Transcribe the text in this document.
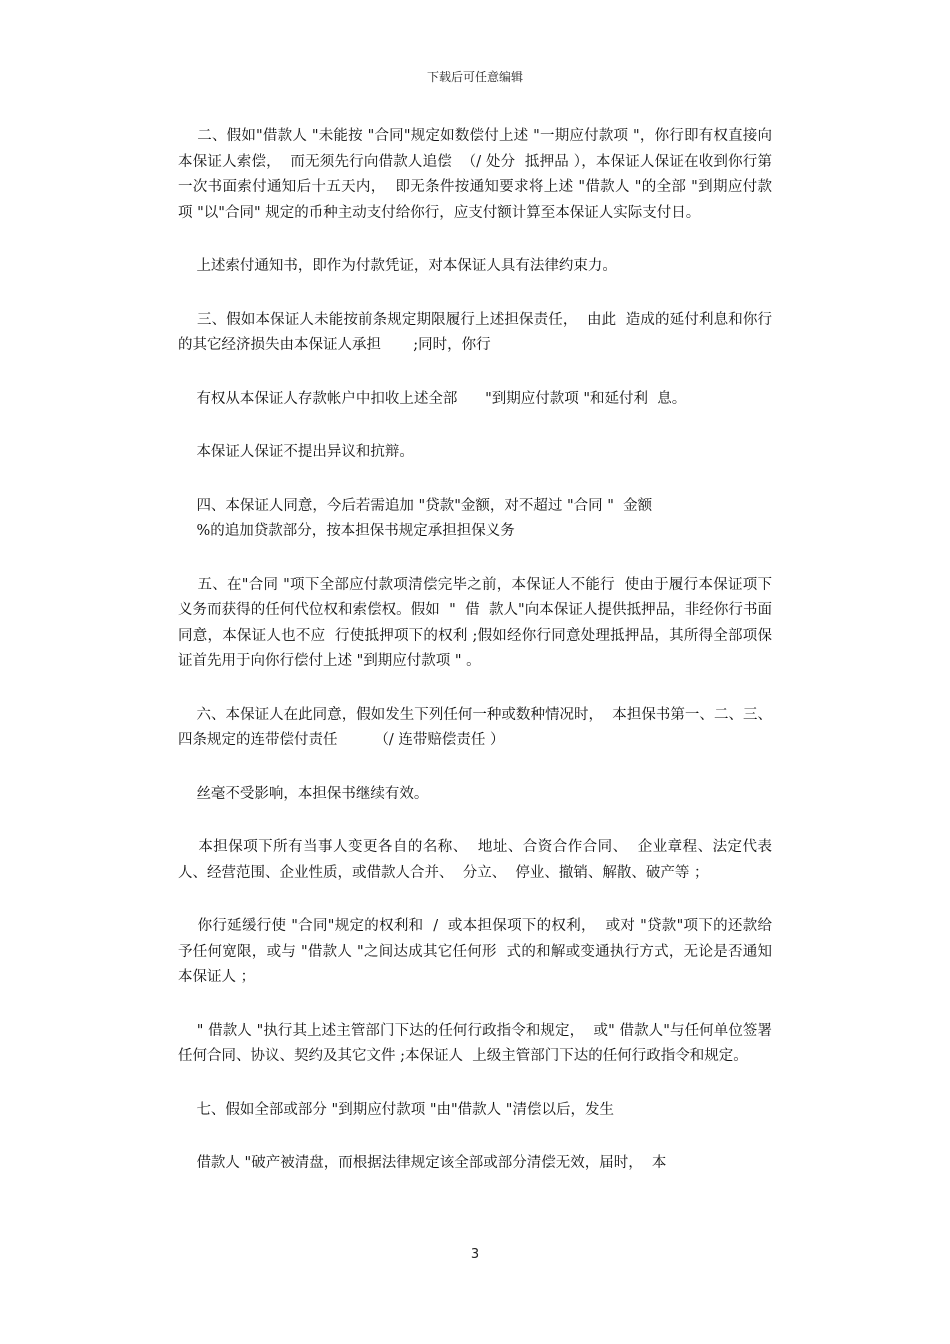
下载后可任意编辑

二、假如"借款人 "未能按 "合同"规定如数偿付上述 "一期应付款项 "，你行即有权直接向本保证人索偿，  而无须先行向借款人追偿  （/ 处分  抵押品 ），本保证人保证在收到你行第一次书面索付通知后十五天内，  即无条件按通知要求将上述 "借款人 "的全部 "到期应付款项 "以"合同" 规定的币种主动支付给你行，应支付额计算至本保证人实际支付日。

上述索付通知书，即作为付款凭证，对本保证人具有法律约束力。

三、假如本保证人未能按前条规定期限履行上述担保责任，  由此  造成的延付利息和你行的其它经济损失由本保证人承担       ;同时，你行

有权从本保证人存款帐户中扣收上述全部      "到期应付款项 "和延付利  息。

本保证人保证不提出异议和抗辩。

四、本保证人同意，今后若需追加 "贷款"金额，对不超过 "合同 "  金额
%的追加贷款部分，按本担保书规定承担担保义务

五、在"合同 "项下全部应付款项清偿完毕之前，本保证人不能行  使由于履行本保证项下义务而获得的任何代位权和索偿权。假如  "  借  款人"向本保证人提供抵押品，非经你行书面同意，本保证人也不应  行使抵押项下的权利 ;假如经你行同意处理抵押品，其所得全部项保  证首先用于向你行偿付上述 "到期应付款项 " 。

六、本保证人在此同意，假如发生下列任何一种或数种情况时，  本担保书第一、二、三、四条规定的连带偿付责任        （/ 连带赔偿责任 ）

丝毫不受影响，本担保书继续有效。

本担保项下所有当事人变更各自的名称、  地址、合资合作合同、  企业章程、法定代表人、经营范围、企业性质，或借款人合并、  分立、  停业、撤销、解散、破产等 ；

你行延缓行使 "合同"规定的权利和  /  或本担保项下的权利，  或对 "贷款"项下的还款给予任何宽限，或与 "借款人 "之间达成其它任何形  式的和解或变通执行方式，无论是否通知本保证人 ；

" 借款人 "执行其上述主管部门下达的任何行政指令和规定，  或" 借款人"与任何单位签署任何合同、协议、契约及其它文件 ;本保证人  上级主管部门下达的任何行政指令和规定。

七、假如全部或部分 "到期应付款项 "由"借款人 "清偿以后，发生

借款人 "破产被清盘，而根据法律规定该全部或部分清偿无效，届时，  本

3
